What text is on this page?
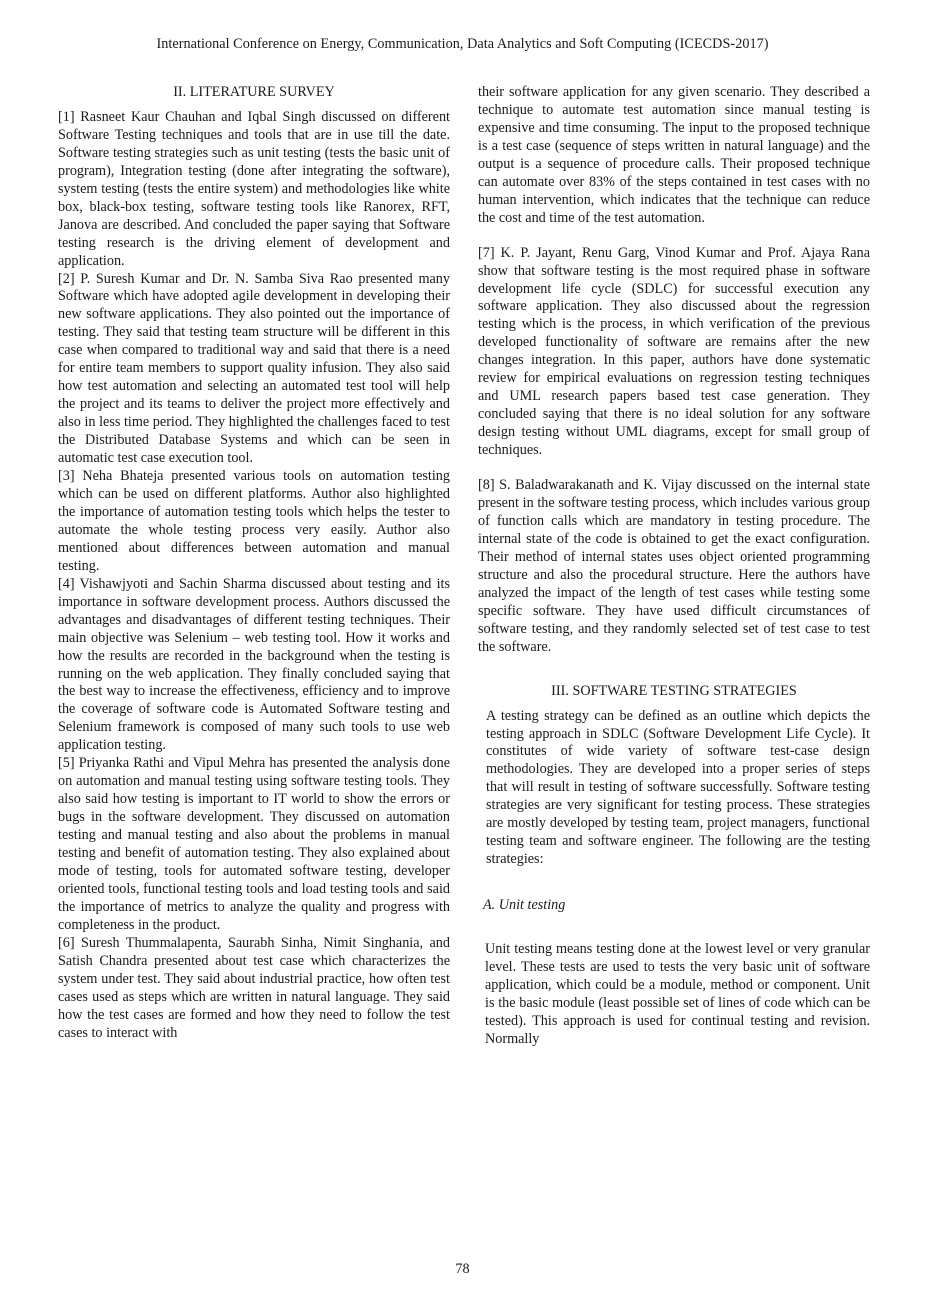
International Conference on Energy, Communication, Data Analytics and Soft Computing (ICECDS-2017)
II. LITERATURE SURVEY

[1] Rasneet Kaur Chauhan and Iqbal Singh discussed on different Software Testing techniques and tools that are in use till the date. Software testing strategies such as unit testing (tests the basic unit of program), Integration testing (done after integrating the software), system testing (tests the entire system) and methodologies like white box, black-box testing, software testing tools like Ranorex, RFT, Janova are described. And concluded the paper saying that Software testing research is the driving element of development and application.

[2] P. Suresh Kumar and Dr. N. Samba Siva Rao presented many Software which have adopted agile development in developing their new software applications. They also pointed out the importance of testing. They said that testing team structure will be different in this case when compared to traditional way and said that there is a need for entire team members to support quality infusion. They also said how test automation and selecting an automated test tool will help the project and its teams to deliver the project more effectively and also in less time period. They highlighted the challenges faced to test the Distributed Database Systems and which can be seen in automatic test case execution tool.

[3] Neha Bhateja presented various tools on automation testing which can be used on different platforms. Author also highlighted the importance of automation testing tools which helps the tester to automate the whole testing process very easily. Author also mentioned about differences between automation and manual testing.

[4] Vishawjyoti and Sachin Sharma discussed about testing and its importance in software development process. Authors discussed the advantages and disadvantages of different testing techniques. Their main objective was Selenium – web testing tool. How it works and how the results are recorded in the background when the testing is running on the web application. They finally concluded saying that the best way to increase the effectiveness, efficiency and to improve the coverage of software code is Automated Software testing and Selenium framework is composed of many such tools to use web application testing.

[5] Priyanka Rathi and Vipul Mehra has presented the analysis done on automation and manual testing using software testing tools. They also said how testing is important to IT world to show the errors or bugs in the software development. They discussed on automation testing and manual testing and also about the problems in manual testing and benefit of automation testing. They also explained about mode of testing, tools for automated software testing, developer oriented tools, functional testing tools and load testing tools and said the importance of metrics to analyze the quality and progress with completeness in the product.

[6] Suresh Thummalapenta, Saurabh Sinha, Nimit Singhania, and Satish Chandra presented about test case which characterizes the system under test. They said about industrial practice, how often test cases used as steps which are written in natural language. They said how the test cases are formed and how they need to follow the test cases to interact with

their software application for any given scenario. They described a technique to automate test automation since manual testing is expensive and time consuming. The input to the proposed technique is a test case (sequence of steps written in natural language) and the output is a sequence of procedure calls. Their proposed technique can automate over 83% of the steps contained in test cases with no human intervention, which indicates that the technique can reduce the cost and time of the test automation.

[7] K. P. Jayant, Renu Garg, Vinod Kumar and Prof. Ajaya Rana show that software testing is the most required phase in software development life cycle (SDLC) for successful execution any software application. They also discussed about the regression testing which is the process, in which verification of the previous developed functionality of software are remains after the new changes integration. In this paper, authors have done systematic review for empirical evaluations on regression testing techniques and UML research papers based test case generation. They concluded saying that there is no ideal solution for any software design testing without UML diagrams, except for small group of techniques.

[8] S. Baladwarakanath and K. Vijay discussed on the internal state present in the software testing process, which includes various group of function calls which are mandatory in testing procedure. The internal state of the code is obtained to get the exact configuration. Their method of internal states uses object oriented programming structure and also the procedural structure. Here the authors have analyzed the impact of the length of test cases while testing some specific software. They have used difficult circumstances of software testing, and they randomly selected set of test case to test the software.

III. SOFTWARE TESTING STRATEGIES

A testing strategy can be defined as an outline which depicts the testing approach in SDLC (Software Development Life Cycle). It constitutes of wide variety of software test-case design methodologies. They are developed into a proper series of steps that will result in testing of software successfully. Software testing strategies are very significant for testing process. These strategies are mostly developed by testing team, project managers, functional testing team and software engineer. The following are the testing strategies:

A. Unit testing

Unit testing means testing done at the lowest level or very granular level. These tests are used to tests the very basic unit of software application, which could be a module, method or component. Unit is the basic module (least possible set of lines of code which can be tested). This approach is used for continual testing and revision. Normally

78
